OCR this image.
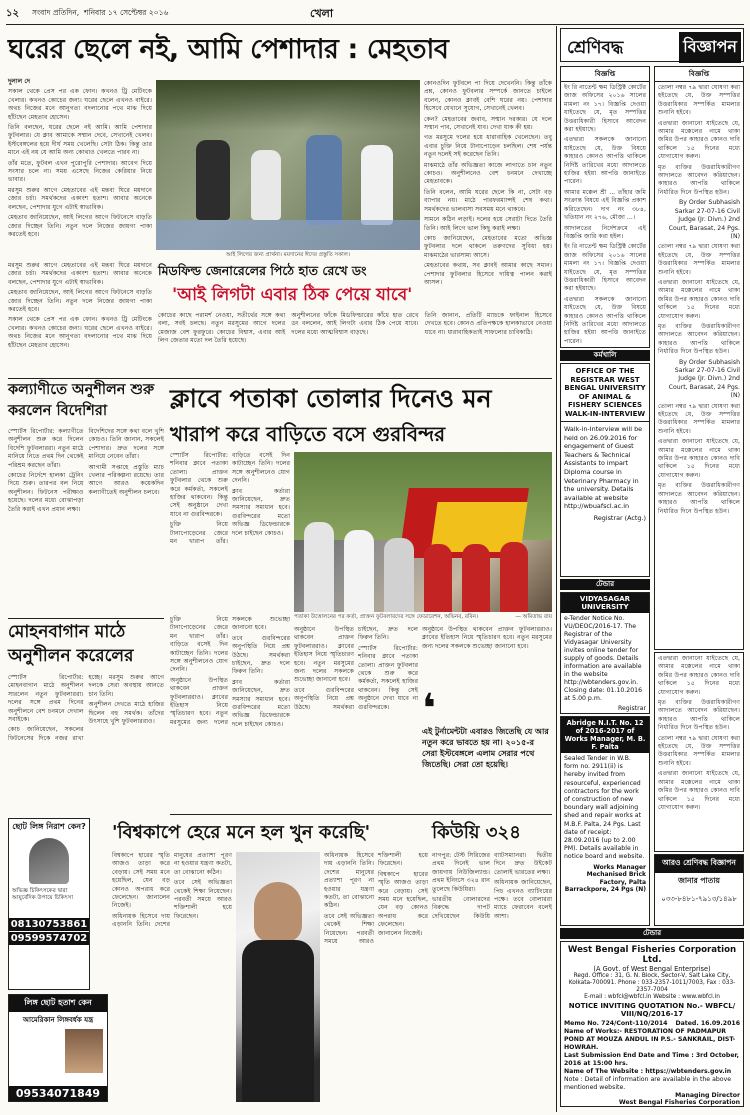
১২ সংবাদ প্রতিদিন, শনিবার ১৭ সেপ্টেম্বর ২০১৬	খেলা
ঘরের ছেলে নই, আমি পেশাদার : মেহতাব

দুলাল দে

সকাল থেকে প্রেস পর এক ফোন। কখনও ট্রি মেটিংকে খেলার। কখনও কোচের জন্য। ঘরের ছেলে এখনও বাইরে। অথচ নিজের মনে আনুগত্য বদলানোর পথে মাঝ দিয়ে হাঁটছেন মেহতাব হোসেন।

তিনি বলছেন, ঘরের ছেলে নই আমি। আমি পেশাদার ফুটবলার। যে ক্লাব আমাকে সম্মান দেবে, সেখানেই খেলব। ইস্টবেঙ্গলের হয়ে দীর্ঘ সময় খেলেছি। সেটা ঠিক। কিন্তু তার মানে এই নয় যে আমি অন্য কোথাও খেলতে পারব না।

তাঁর মতে, ফুটবল এখন পুরোপুরি পেশাদার। আবেগ দিয়ে সংসার চলে না। সময় এসেছে নিজের কেরিয়ার নিয়ে ভাবার।

মরসুম শুরুর আগে মেহতাবের এই মন্তব্য ঘিরে ময়দানে জোর চর্চা। সমর্থকদের একাংশ হতাশ। আবার অনেকে বলছেন, পেশাদার যুগে এটাই স্বাভাবিক।

মেহতাব জানিয়েছেন, আই লিগের আগে ফিটনেসে বাড়তি জোর দিচ্ছেন তিনি। নতুন দলে নিজের জায়গা পাকা করতেই হবে।

আই লিগের জন্য প্রার্থনা। ময়দানের ঈদের প্রস্তুতি সকাল।

কোনওদিন ফুটবলে পা দিয়ে দেখেননি। কিন্তু তাঁকে প্রশ্ন, কোনও ফুটবলার সম্পর্কে জানতে চাইলে বলেন, কোনও ক্লাবই বেশি ঘরের নয়। পেশাদার হিসেবে যেখানে সুযোগ, সেখানেই খেলব।

কেন? মেহতাবের জবাব, সম্মান দরকার। যে দলে সম্মান পাব, সেখানেই যাব। দেখা যাক কী হয়।

গত মরসুমে দলের হয়ে ধারাবাহিক খেলেছেন। তবু এবার চুক্তি নিয়ে টানাপোড়েন চলছিল। শেষ পর্যন্ত নতুন দলেই সই করেছেন তিনি।

মাঝমাঠে তাঁর অভিজ্ঞতা কাজে লাগাতে চান নতুন কোচও। অনুশীলনেও বেশ চনমনে দেখাচ্ছে মেহতাবকে।

তিনি বলেন, আমি ঘরের ছেলে কি না, সেটা বড় ব্যাপার নয়। মাঠে পারফরম্যান্সই শেষ কথা। সমর্থকদের ভালবাসা সবসময় মনে থাকবে।

সামনে কঠিন লড়াই। দলের হয়ে সেরাটা দিতে তৈরি তিনি। আই লিগে ভাল কিছু করাই লক্ষ্য।

কোচ জানিয়েছেন, মেহতাবের মতো অভিজ্ঞ ফুটবলার দলে থাকলে তরুণদের সুবিধা হয়। মাঝমাঠের ভারসাম্য আসে।

মেহতাবের কথায়, সব ক্লাবই আমার কাছে সমান। পেশাদার ফুটবলার হিসেবে দায়িত্ব পালন করাই আসল।

মিডফিল্ড জেনারেলের পিঠে হাত রেখে ডং
'আই লিগটা এবার ঠিক পেয়ে যাবে'

কোচের কাছে পরামর্শ নেওয়া, সতীর্থের সঙ্গে কথা বলা, সবই চলছে। নতুন মরসুমের আগে দলের মেজাজ বেশ ফুরফুরে। কোচের বিশ্বাস, এবার আই লিগ জেতার মতো দল তৈরি হয়েছে।

অনুশীলনের ফাঁকে মিডফিল্ডারের কাঁধে হাত রেখে ডং বললেন, আই লিগটা এবার ঠিক পেয়ে যাবে। দলের মধ্যে আত্মবিশ্বাস বাড়ছে।

তিনি জানান, প্রতিটি ম্যাচকে ফাইনাল হিসেবে দেখতে হবে। কোনও প্রতিপক্ষকে হালকাভাবে নেওয়া যাবে না। ধারাবাহিকতাই সাফল্যের চাবিকাঠি।

মরসুম শুরুর আগে মেহতাবের এই মন্তব্য ঘিরে ময়দানে জোর চর্চা। সমর্থকদের একাংশ হতাশ। আবার অনেকে বলছেন, পেশাদার যুগে এটাই স্বাভাবিক।

মেহতাব জানিয়েছেন, আই লিগের আগে ফিটনেসে বাড়তি জোর দিচ্ছেন তিনি। নতুন দলে নিজের জায়গা পাকা করতেই হবে।

সকাল থেকে প্রেস পর এক ফোন। কখনও ট্রি মেটিংকে খেলার। কখনও কোচের জন্য। ঘরের ছেলে এখনও বাইরে। অথচ নিজের মনে আনুগত্য বদলানোর পথে মাঝ দিয়ে হাঁটছেন মেহতাব হোসেন।

কল্যাণীতে অনুশীলন শুরু করলেন বিদেশিরা

স্পোর্টস রিপোর্টার: কল্যাণীতে অনুশীলন শুরু করে দিলেন বিদেশি ফুটবলাররা। নতুন মাঠে মানিয়ে নিতে প্রথম দিন থেকেই পরিশ্রম করছেন তাঁরা।

কোচের নির্দেশে হালকা ট্রেনিং দিয়ে শুরু। তারপর বল নিয়ে অনুশীলন। ফিটনেস পরীক্ষাও হয়েছে। দলের মধ্যে বোঝাপড়া তৈরি করাই এখন প্রধান লক্ষ্য।

বিদেশিদের সঙ্গে কথা বলে খুশি কোচও। তিনি জানান, সকলেই পেশাদার। দ্রুত দলের সঙ্গে মানিয়ে নেবেন তাঁরা।

আগামী সপ্তাহে প্রস্তুতি ম্যাচ খেলার পরিকল্পনা রয়েছে। তার আগে আরও কয়েকদিন কল্যাণীতেই অনুশীলন চলবে।

মোহনবাগান মাঠে অনুশীলন করেলের

স্পোর্টস রিপোর্টার: মোহনবাগান মাঠে অনুশীলন সারলেন নতুন ফুটবলাররা। দলের সঙ্গে প্রথম দিনের অনুশীলনে বেশ চনমনে দেখাল সবাইকে।

কোচ জানিয়েছেন, সকলের ফিটনেসের দিকে নজর রাখা হচ্ছে। মরসুম শুরুর আগে দলকে সেরা অবস্থায় আনতে চান তিনি।

অনুশীলন দেখতে মাঠে হাজির ছিলেন বহু সমর্থক। তাঁদের উৎসাহে খুশি ফুটবলাররাও।

ছোট লিঙ্গ নিরাশ কেন?
অভিজ্ঞ চিকিৎসকের দ্বারা আয়ুর্বেদিক উপায়ে চিকিৎসা
08130753861
09599574702
লিঙ্গ ছোট হতাশ কেন
আমেরিকান লিঙ্গবর্ধক যন্ত্র
09534071849
ক্লাবে পতাকা তোলার দিনেও মন
খারাপ করে বাড়িতে বসে গুরবিন্দর

স্পোর্টস রিপোর্টার: শনিবার ক্লাবে পতাকা তোলা। প্রাক্তন ফুটবলার থেকে শুরু করে কর্মকর্তা, সকলেই হাজির থাকবেন। কিন্তু সেই অনুষ্ঠানে দেখা যাবে না গুরবিন্দরকে।

চুক্তি নিয়ে টানাপোড়েনের জেরে মন খারাপ তাঁর। বাড়িতে বসেই দিন কাটাচ্ছেন তিনি। দলের সঙ্গে অনুশীলনেও যোগ দেননি।

ক্লাব কর্তারা জানিয়েছেন, দ্রুত সমস্যার সমাধান হবে। গুরবিন্দরের মতো অভিজ্ঞ ডিফেন্ডারকে দলে চাইছেন কোচও।

পতাকা উত্তোলনের পর কর্তা, প্রাক্তন ফুটবলারদের সঙ্গে ফেডারেশন, অভিনব, রবিন।	— অমিতাভ রায়

চুক্তি নিয়ে টানাপোড়েনের জেরে মন খারাপ তাঁর। বাড়িতে বসেই দিন কাটাচ্ছেন তিনি। দলের সঙ্গে অনুশীলনেও যোগ দেননি।

অনুষ্ঠানে উপস্থিত থাকবেন প্রাক্তন ফুটবলাররাও। ক্লাবের ইতিহাস নিয়ে স্মৃতিচারণ হবে। নতুন মরসুমের জন্য দলের সকলকে শুভেচ্ছা জানানো হবে।

তবে গুরবিন্দরের অনুপস্থিতি নিয়ে প্রশ্ন উঠছে। সমর্থকরা চাইছেন, দ্রুত দলে ফিরুন তিনি।

ক্লাব কর্তারা জানিয়েছেন, দ্রুত সমস্যার সমাধান হবে। গুরবিন্দরের মতো অভিজ্ঞ ডিফেন্ডারকে দলে চাইছেন কোচও।

অনুষ্ঠানে উপস্থিত থাকবেন প্রাক্তন ফুটবলাররাও। ক্লাবের ইতিহাস নিয়ে স্মৃতিচারণ হবে। নতুন মরসুমের জন্য দলের সকলকে শুভেচ্ছা জানানো হবে।

তবে গুরবিন্দরের অনুপস্থিতি নিয়ে প্রশ্ন উঠছে। সমর্থকরা চাইছেন, দ্রুত দলে ফিরুন তিনি।

স্পোর্টস রিপোর্টার: শনিবার ক্লাবে পতাকা তোলা। প্রাক্তন ফুটবলার থেকে শুরু করে কর্মকর্তা, সকলেই হাজির থাকবেন। কিন্তু সেই অনুষ্ঠানে দেখা যাবে না গুরবিন্দরকে। ❛
এই টুর্নামেন্টটা এবারও জিতেছি যে আর নতুন করে ভাবতে হয় না। ২০১৫-র সেরা ইস্টবেঙ্গলে এলাম সেরার পথে জিতেছি। সেরা তো হয়েছি।

অনুষ্ঠানে উপস্থিত থাকবেন প্রাক্তন ফুটবলাররাও। ক্লাবের ইতিহাস নিয়ে স্মৃতিচারণ হবে। নতুন মরসুমের জন্য দলের সকলকে শুভেচ্ছা জানানো হবে।

'বিশ্বকাপে হেরে মনে হল খুন করেছি'

বিশ্বকাপে হারের স্মৃতি আজও তাড়া করে বেড়ায়। সেই সময় মনে হয়েছিল, যেন বড় কোনও অপরাধ করে ফেলেছেন। জানালেন নিজেই।

অধিনায়ক হিসেবে দায় এড়াননি তিনি। দেশের মানুষের প্রত্যাশা পূরণ না হওয়ার যন্ত্রণা কতটা, তা বোঝানো কঠিন।

তবে সেই অভিজ্ঞতা থেকেই শিক্ষা নিয়েছেন। পরবর্তী সময়ে আরও শক্তিশালী হয়ে ফিরেছেন।

অধিনায়ক হিসেবে দায় এড়াননি তিনি। দেশের মানুষের প্রত্যাশা পূরণ না হওয়ার যন্ত্রণা কতটা, তা বোঝানো কঠিন।

তবে সেই অভিজ্ঞতা থেকেই শিক্ষা নিয়েছেন। পরবর্তী সময়ে আরও শক্তিশালী হয়ে ফিরেছেন।

বিশ্বকাপে হারের স্মৃতি আজও তাড়া করে বেড়ায়। সেই সময় মনে হয়েছিল, যেন বড় কোনও অপরাধ করে ফেলেছেন। জানালেন নিজেই।

কিউয়ি ৩২৪

নাগপুর: টেস্ট সিরিজের প্রথম দিনেই ভাল জায়গায় নিউজিল্যান্ড। প্রথম ইনিংসে ৩২৪ রান তুলেছে কিউয়িরা।

ভারতীয় বোলারদের বিরুদ্ধে দাপট দেখিয়েছেন কিউয়ি ব্যাটসম্যানরা। দ্বিতীয় দিনে দ্রুত উইকেট তোলাই ভারতের লক্ষ্য।

অধিনায়ক জানিয়েছেন, পিচ এখনও ব্যাটিংয়ের পক্ষে। তবে বোলাররা ম্যাচে ফেরাবেন বলেই আশা।

শ্রেণিবদ্ধ	বিজ্ঞাপন
বিজ্ঞপ্তি

ইং রি নাতেন্ট ক্ষম ডিস্ট্রিক্ট কোর্টের জাজ অফিসের ২০১৬ সালের মামলা নং ১৭। বিজ্ঞপ্তি দেওয়া যাইতেছে যে, মৃত সম্পত্তির উত্তরাধিকারী হিসাবে আবেদন করা হইয়াছে।

এতদ্বারা সকলকে জানানো যাইতেছে যে, উক্ত বিষয়ে কাহারও কোনও আপত্তি থাকিলে নির্দিষ্ট তারিখের মধ্যে আদালতে হাজির হইয়া আপত্তি জানাইতে পারেন।

আমার মক্কেল শ্রী ... তাঁহার জমি সংক্রান্ত বিষয়ে এই বিজ্ঞপ্তি প্রকাশ করিতেছেন। দাগ নং ৩৮৪, খতিয়ান নং ২৭৬, মৌজা ...।

আদালতের নির্দেশক্রমে এই বিজ্ঞপ্তি জারি করা হইল।

ইং রি নাতেন্ট ক্ষম ডিস্ট্রিক্ট কোর্টের জাজ অফিসের ২০১৬ সালের মামলা নং ১৭। বিজ্ঞপ্তি দেওয়া যাইতেছে যে, মৃত সম্পত্তির উত্তরাধিকারী হিসাবে আবেদন করা হইয়াছে।

এতদ্বারা সকলকে জানানো যাইতেছে যে, উক্ত বিষয়ে কাহারও কোনও আপত্তি থাকিলে নির্দিষ্ট তারিখের মধ্যে আদালতে হাজির হইয়া আপত্তি জানাইতে পারেন।

বিজ্ঞপ্তি

তোলা নম্বর ৭৯ দ্বারা ঘোষণা করা হইতেছে যে, উক্ত সম্পত্তির উত্তরাধিকার সম্পর্কিত মামলার শুনানি হইবে।

এতদ্বারা জানানো যাইতেছে যে, আমার মক্কেলের নামে থাকা জমির উপর কাহারও কোনও দাবি থাকিলে ১৫ দিনের মধ্যে যোগাযোগ করুন।

মৃত ব্যক্তির উত্তরাধিকারীগণ আদালতে আবেদন করিয়াছেন। কাহারও আপত্তি থাকিলে নির্ধারিত দিনে উপস্থিত হউন।

By Order Subhasish Sarkar 27-07-16 Civil Judge (Jr. Divn.) 2nd Court, Barasat, 24 Pgs. (N)

তোলা নম্বর ৭৯ দ্বারা ঘোষণা করা হইতেছে যে, উক্ত সম্পত্তির উত্তরাধিকার সম্পর্কিত মামলার শুনানি হইবে।

এতদ্বারা জানানো যাইতেছে যে, আমার মক্কেলের নামে থাকা জমির উপর কাহারও কোনও দাবি থাকিলে ১৫ দিনের মধ্যে যোগাযোগ করুন।

মৃত ব্যক্তির উত্তরাধিকারীগণ আদালতে আবেদন করিয়াছেন। কাহারও আপত্তি থাকিলে নির্ধারিত দিনে উপস্থিত হউন।

By Order Subhasish Sarkar 27-07-16 Civil Judge (Jr. Divn.) 2nd Court, Barasat, 24 Pgs. (N)

তোলা নম্বর ৭৯ দ্বারা ঘোষণা করা হইতেছে যে, উক্ত সম্পত্তির উত্তরাধিকার সম্পর্কিত মামলার শুনানি হইবে।

এতদ্বারা জানানো যাইতেছে যে, আমার মক্কেলের নামে থাকা জমির উপর কাহারও কোনও দাবি থাকিলে ১৫ দিনের মধ্যে যোগাযোগ করুন।

মৃত ব্যক্তির উত্তরাধিকারীগণ আদালতে আবেদন করিয়াছেন। কাহারও আপত্তি থাকিলে নির্ধারিত দিনে উপস্থিত হউন।

কর্মখালি
OFFICE OF THE REGISTRAR WEST BENGAL UNIVERSITY OF ANIMAL & FISHERY SCIENCES WALK-IN-INTERVIEW
Walk-in-Interview will be held on 26.09.2016 for engagement of Guest Teachers & Technical Assistants to impart Diploma course in Veterinary Pharmacy in the university. Details available at website http://wbuafscl.ac.in
Registrar (Actg.)
টেন্ডার
VIDYASAGAR UNIVERSITY
e-Tender Notice No. VU/DEOC/2016-17. The Registrar of the Vidyasagar University invites online tender for supply of goods. Details information are available in the website http://wbtenders.gov.in. Closing date: 01.10.2016 at 5.00 p.m.
Registrar
Abridge N.I.T. No. 12 of 2016-2017 of Works Manager, M. B. F. Palta
Sealed Tender in W.B. form no. 2911(ii) is hereby invited from resourceful, experienced contractors for the work of construction of new boundary wall adjoining shed and repair works at M.B.F. Palta, 24 Pgs. Last date of receipt: 28.09.2016 (up to 2.00 PM). Details available in notice board and website.
Works Manager Mechanised Brick Factory, Palta Barrackpore, 24 Pgs (N)

এতদ্বারা জানানো যাইতেছে যে, আমার মক্কেলের নামে থাকা জমির উপর কাহারও কোনও দাবি থাকিলে ১৫ দিনের মধ্যে যোগাযোগ করুন।

মৃত ব্যক্তির উত্তরাধিকারীগণ আদালতে আবেদন করিয়াছেন। কাহারও আপত্তি থাকিলে নির্ধারিত দিনে উপস্থিত হউন।

তোলা নম্বর ৭৯ দ্বারা ঘোষণা করা হইতেছে যে, উক্ত সম্পত্তির উত্তরাধিকার সম্পর্কিত মামলার শুনানি হইবে।

এতদ্বারা জানানো যাইতেছে যে, আমার মক্কেলের নামে থাকা জমির উপর কাহারও কোনও দাবি থাকিলে ১৫ দিনের মধ্যে যোগাযোগ করুন।

আরও শ্রেণিবদ্ধ বিজ্ঞাপন
জানার পাতায়
০৩৩-৮৪৮১-৭৯১৩/১৪৯৮
টেন্ডার
West Bengal Fisheries Corporation Ltd.
(A Govt. of West Bengal Enterprise)
Regd. Office : 31, G. N. Block, Sector-V, Salt Lake City, Kolkata-700091. Phone : 033-2357-1011/7003, Fax : 033-2357-7004
E-mail : wbfcl@wbfcl.in Website : www.wbfcl.in
NOTICE INVITING QUOTATION No.- WBFCL/ VIII/NQ/2016-17
Memo No. 724/Cont-110/2014 Dated. 16.09.2016
Name of Works:- RESTORATION OF PADMAPUR POND AT MOUZA ANDUL IN P.S.- SANKRAIL, DIST-HOWRAH.
Last Submission End Date and Time : 3rd October, 2016 at 15:00 hrs.
Name of The Website : https://wbtenders.gov.in
Note : Detail of information are available in the above mentioned website.
Managing Director
West Bengal Fisheries Corporation
